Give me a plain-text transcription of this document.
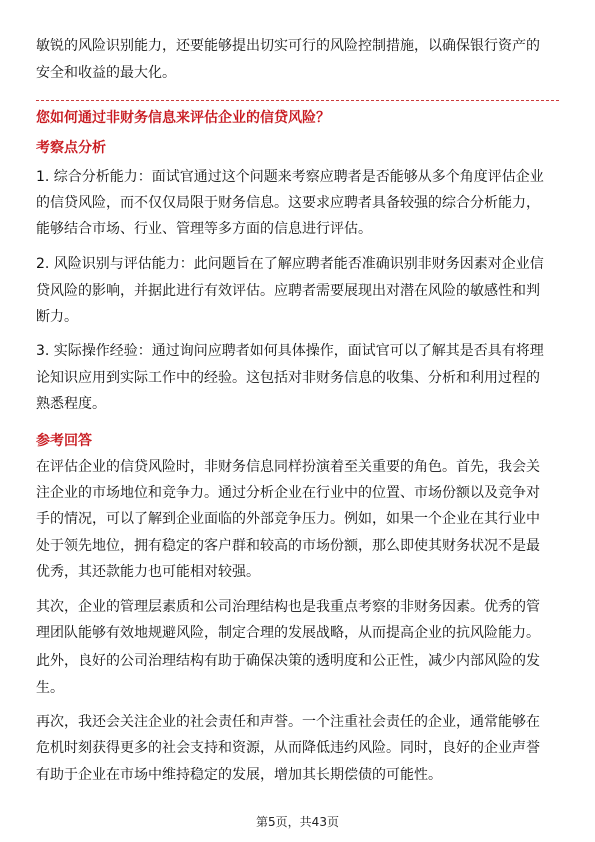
敏锐的风险识别能力，还要能够提出切实可行的风险控制措施，以确保银行资产的
安全和收益的最大化。
您如何通过非财务信息来评估企业的信贷风险？
考察点分析
1. 综合分析能力：面试官通过这个问题来考察应聘者是否能够从多个角度评估企业
的信贷风险，而不仅仅局限于财务信息。这要求应聘者具备较强的综合分析能力，
能够结合市场、行业、管理等多方面的信息进行评估。
2. 风险识别与评估能力：此问题旨在了解应聘者能否准确识别非财务因素对企业信
贷风险的影响，并据此进行有效评估。应聘者需要展现出对潜在风险的敏感性和判
断力。
3. 实际操作经验：通过询问应聘者如何具体操作，面试官可以了解其是否具有将理
论知识应用到实际工作中的经验。这包括对非财务信息的收集、分析和利用过程的
熟悉程度。
参考回答
在评估企业的信贷风险时，非财务信息同样扮演着至关重要的角色。首先，我会关
注企业的市场地位和竞争力。通过分析企业在行业中的位置、市场份额以及竞争对
手的情况，可以了解到企业面临的外部竞争压力。例如，如果一个企业在其行业中
处于领先地位，拥有稳定的客户群和较高的市场份额，那么即使其财务状况不是最
优秀，其还款能力也可能相对较强。
其次，企业的管理层素质和公司治理结构也是我重点考察的非财务因素。优秀的管
理团队能够有效地规避风险，制定合理的发展战略，从而提高企业的抗风险能力。
此外，良好的公司治理结构有助于确保决策的透明度和公正性，减少内部风险的发
生。
再次，我还会关注企业的社会责任和声誉。一个注重社会责任的企业，通常能够在
危机时刻获得更多的社会支持和资源，从而降低违约风险。同时，良好的企业声誉
有助于企业在市场中维持稳定的发展，增加其长期偿债的可能性。
第5页，共43页
